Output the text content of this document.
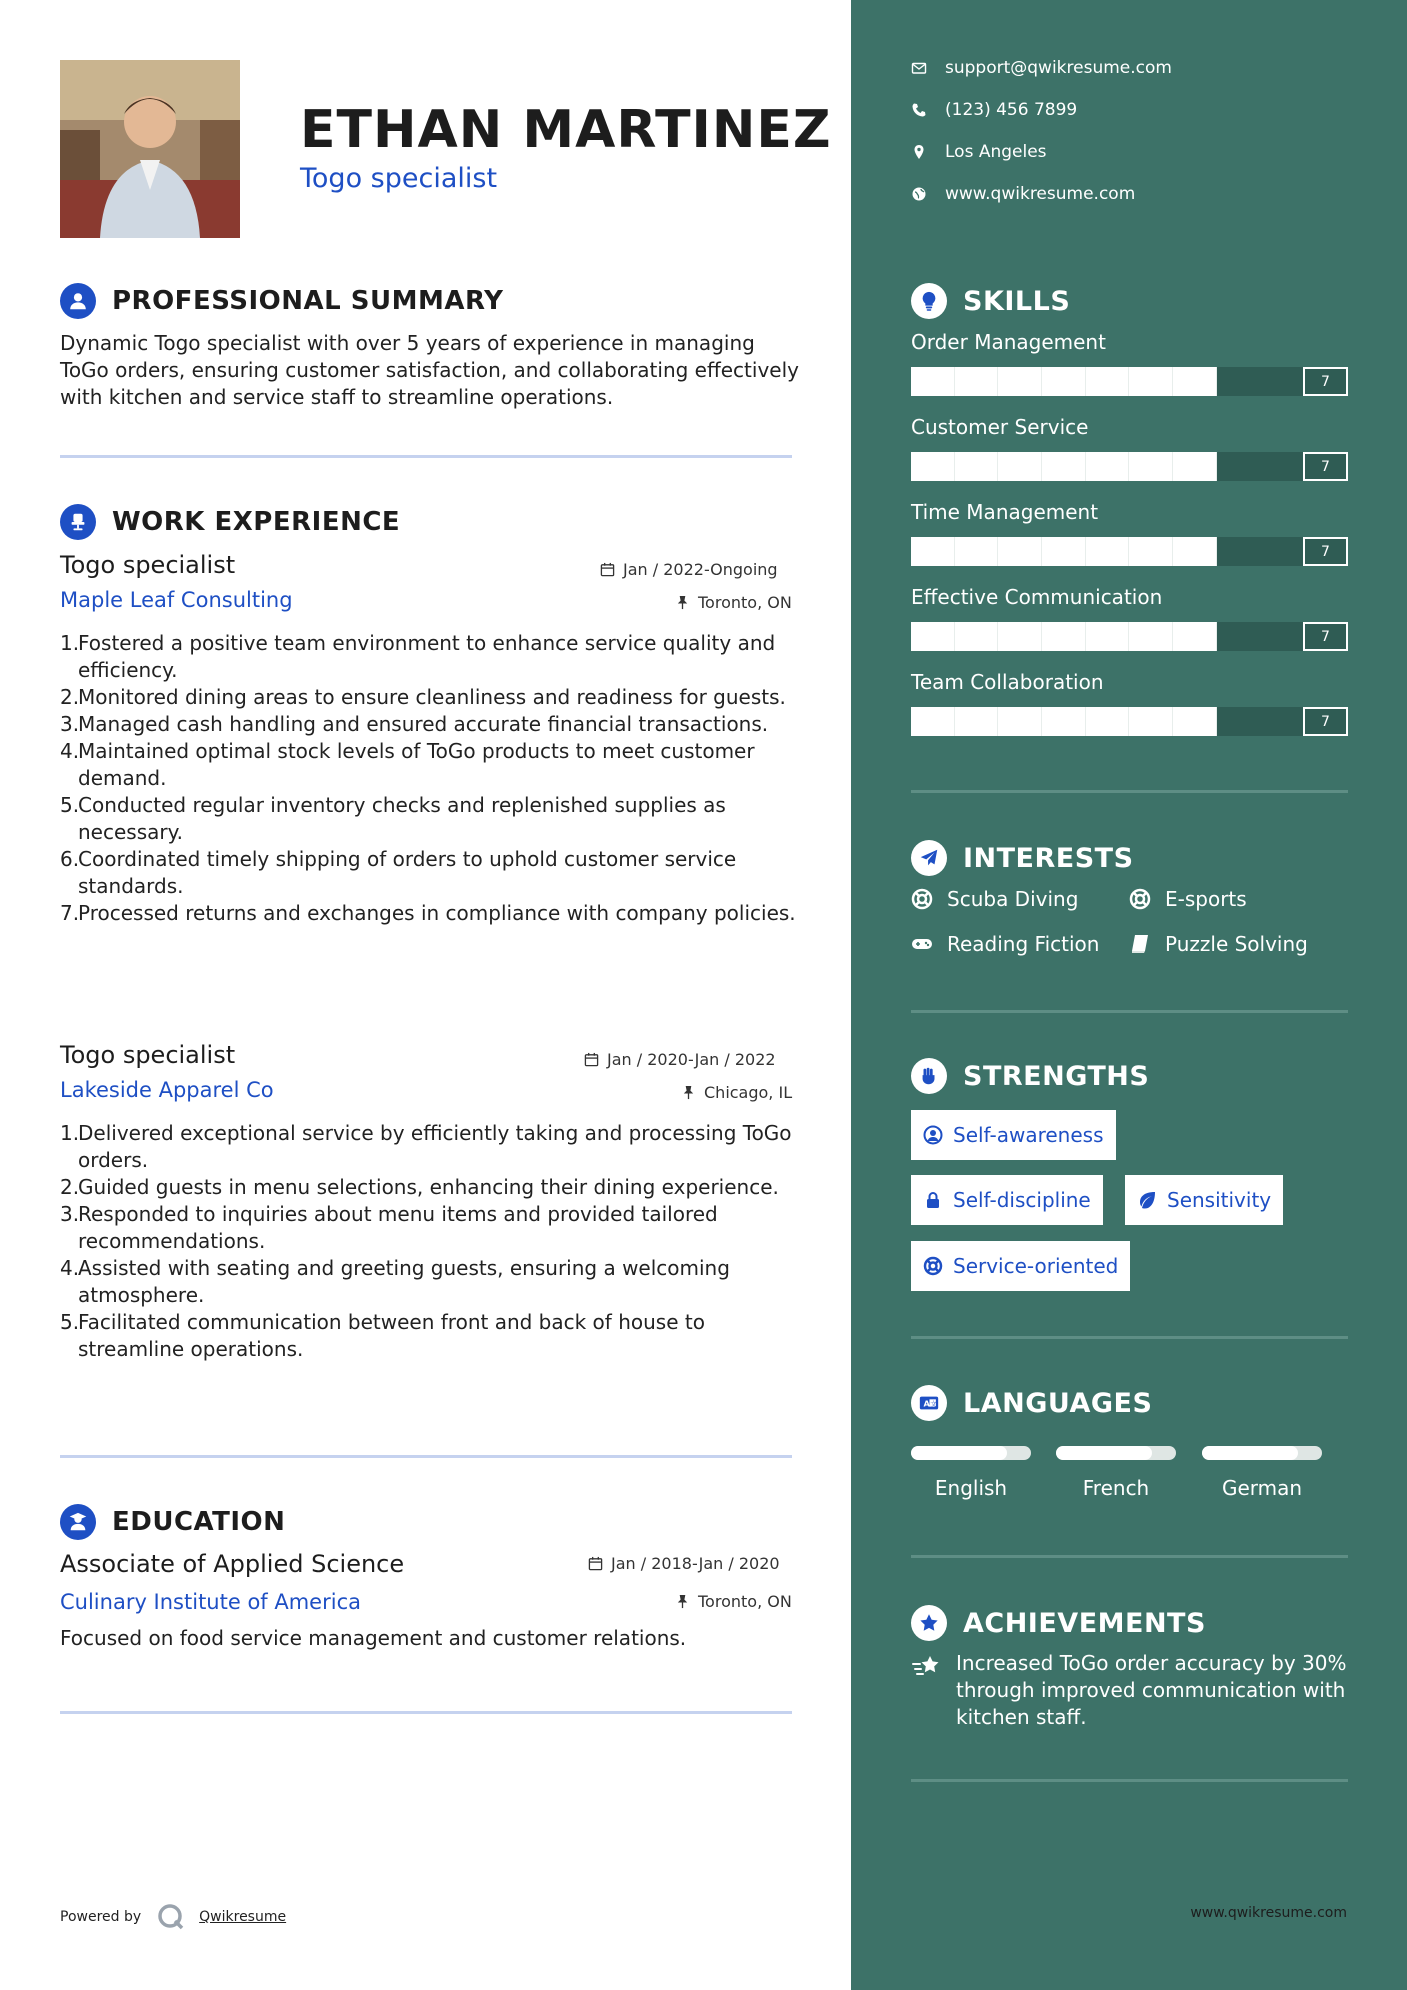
ETHAN MARTINEZ
Togo specialist
PROFESSIONAL SUMMARY
Dynamic Togo specialist with over 5 years of experience in managing ToGo orders, ensuring customer satisfaction, and collaborating effectively with kitchen and service staff to streamline operations.
WORK EXPERIENCE
Togo specialist	Jan / 2022-Ongoing
Maple Leaf Consulting	Toronto, ON
1.
Fostered a positive team environment to enhance service quality and efficiency.
2.
Monitored dining areas to ensure cleanliness and readiness for guests.
3.
Managed cash handling and ensured accurate financial transactions.
4.
Maintained optimal stock levels of ToGo products to meet customer demand.
5.
Conducted regular inventory checks and replenished supplies as necessary.
6.
Coordinated timely shipping of orders to uphold customer service standards.
7.
Processed returns and exchanges in compliance with company policies.
Togo specialist	Jan / 2020-Jan / 2022
Lakeside Apparel Co	Chicago, IL
1.
Delivered exceptional service by efficiently taking and processing ToGo orders.
2.
Guided guests in menu selections, enhancing their dining experience.
3.
Responded to inquiries about menu items and provided tailored recommendations.
4.
Assisted with seating and greeting guests, ensuring a welcoming atmosphere.
5.
Facilitated communication between front and back of house to streamline operations.
EDUCATION
Associate of Applied Science	Jan / 2018-Jan / 2020
Culinary Institute of America	Toronto, ON
Focused on food service management and customer relations.
Powered by	Qwikresume
support@qwikresume.com
(123) 456 7899
Los Angeles
www.qwikresume.com
SKILLS
Order Management
7
Customer Service
7
Time Management
7
Effective Communication
7
Team Collaboration
7
INTERESTS
Scuba Diving	E-sports
Reading Fiction	Puzzle Solving
STRENGTHS
Self-awareness
Self-discipline	Sensitivity
Service-oriented
A 文 LANGUAGES
English	French	German
ACHIEVEMENTS
Increased ToGo order accuracy by 30% through improved communication with kitchen staff.
www.qwikresume.com
